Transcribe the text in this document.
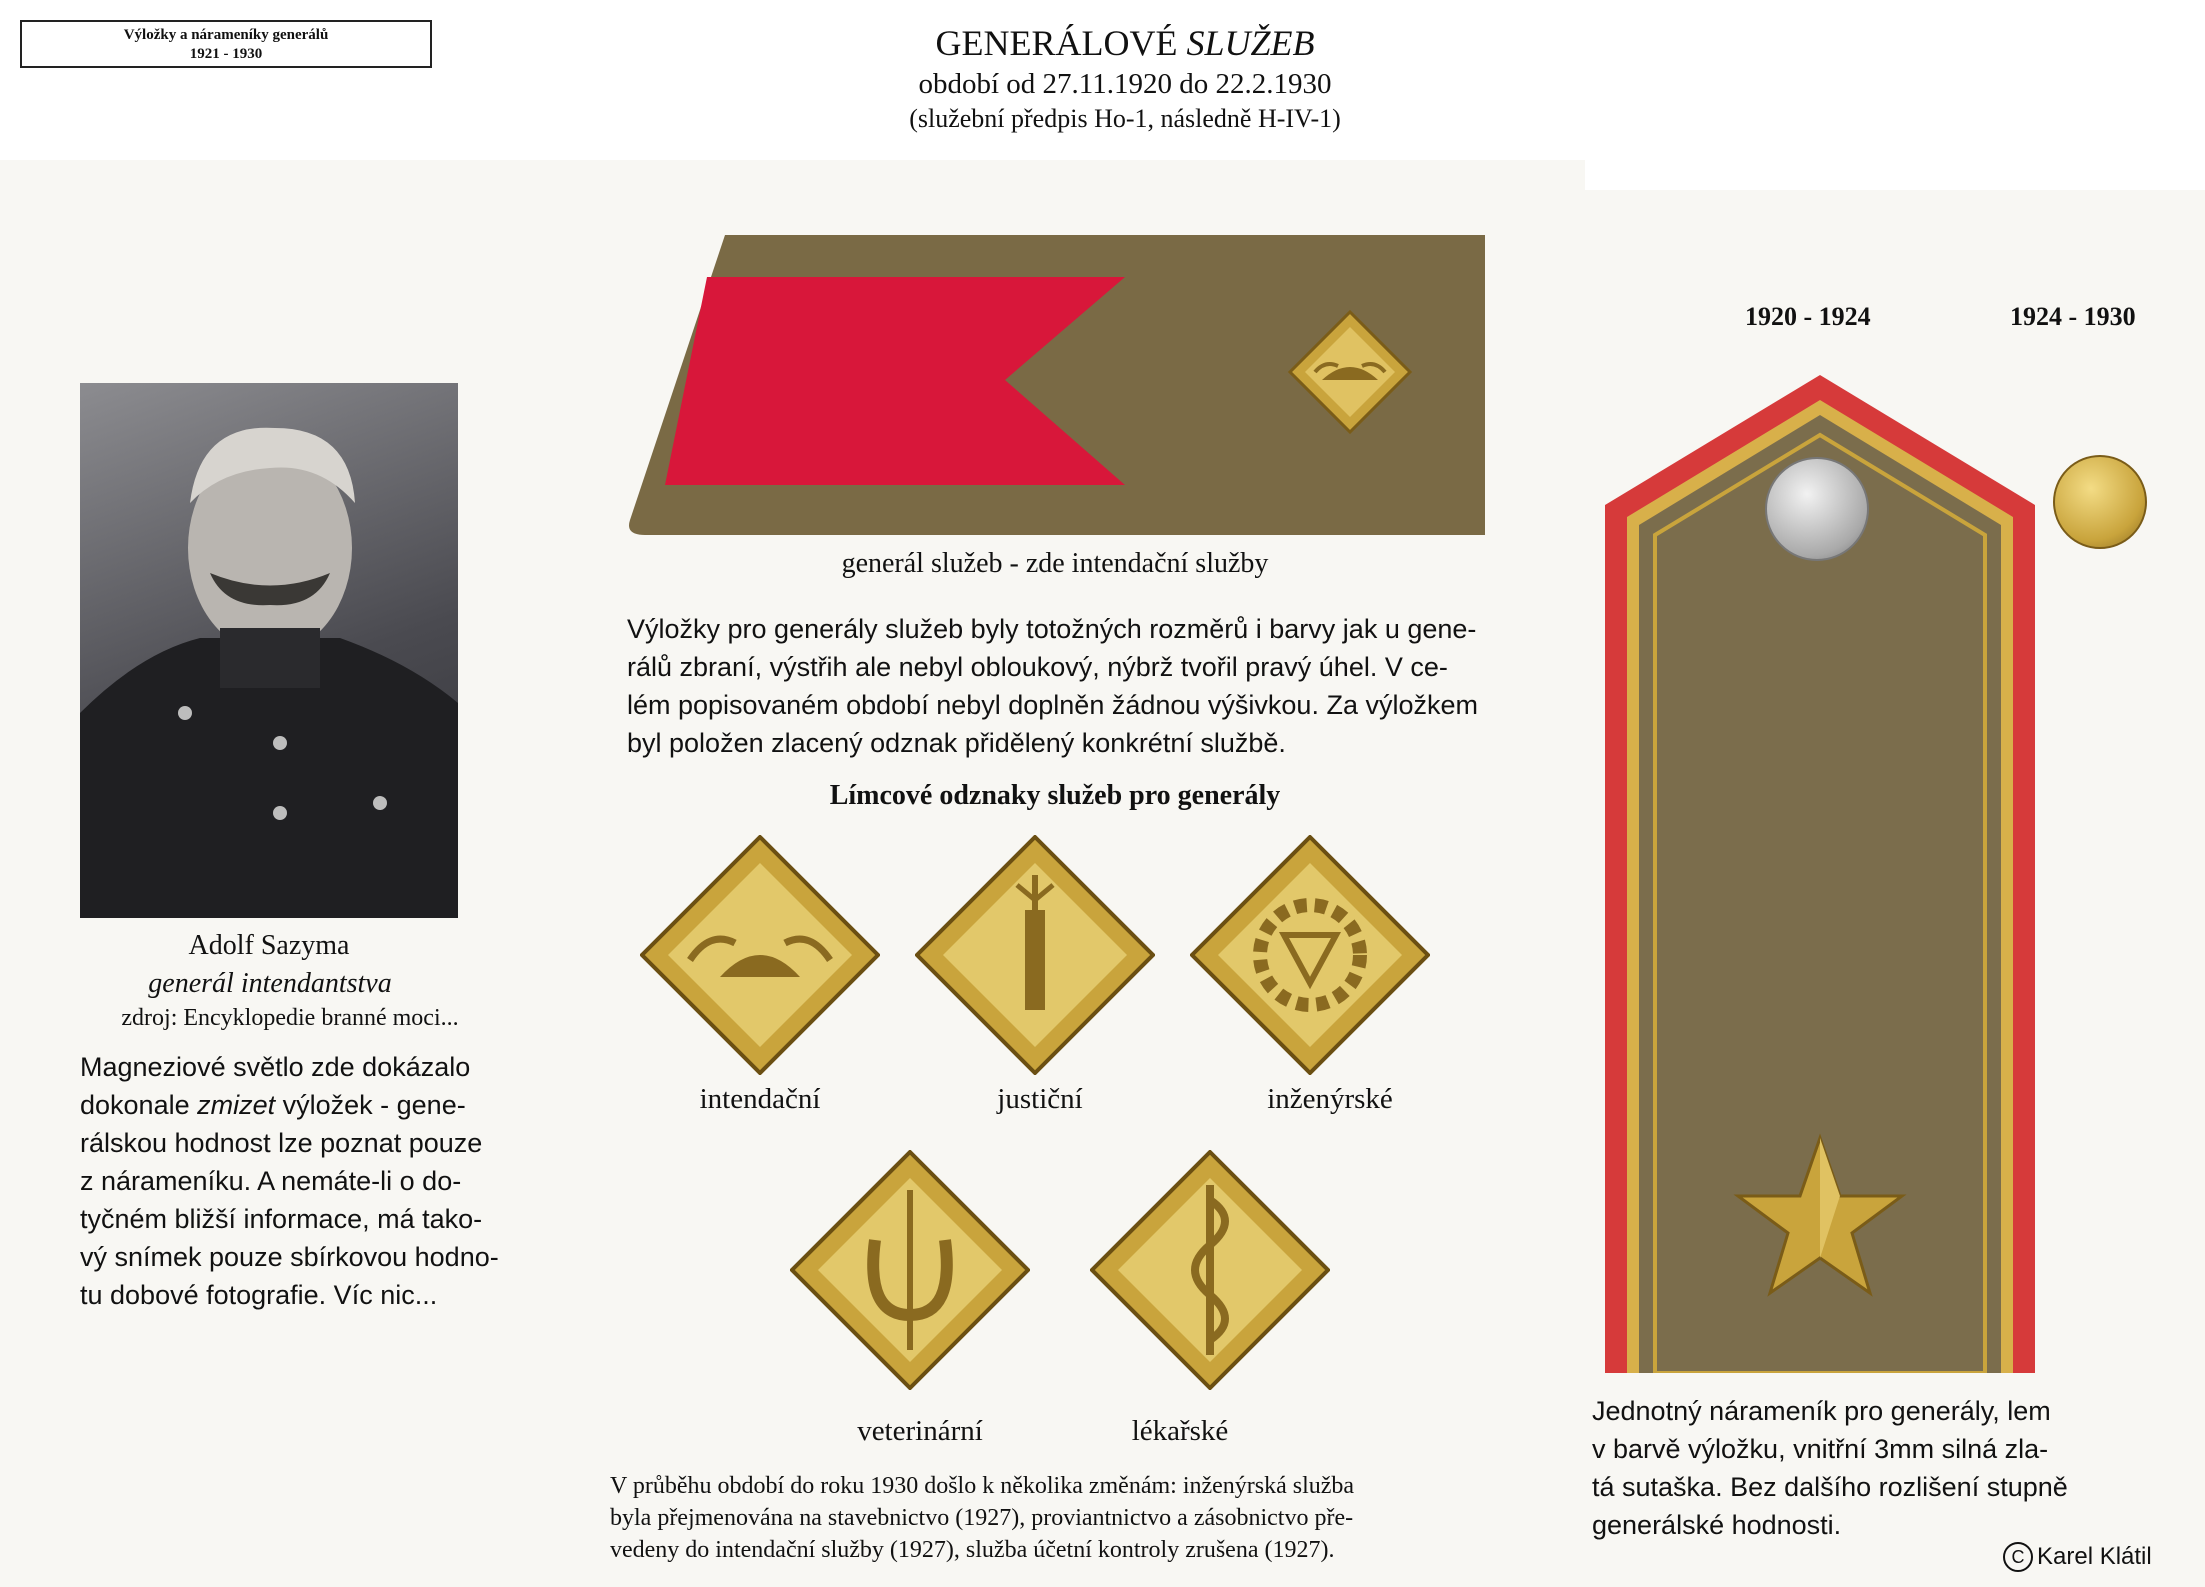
Výložky a nárameníky generálů
1921 - 1930	GENERÁLOVÉ SLUŽEB
období od 27.11.1920 do 22.2.1930
(služební předpis Ho-1, následně H-IV-1)
Adolf Sazyma
generál intendantstva
zdroj: Encyklopedie branné moci...
Magneziové světlo zde dokázalo
dokonale zmizet výložek - gene-
rálskou hodnost lze poznat pouze
z nárameníku. A nemáte-li o do-
tyčném bližší informace, má tako-
vý snímek pouze sbírkovou hodno-
tu dobové fotografie. Víc nic...
generál služeb - zde intendační služby
Výložky pro generály služeb byly totožných rozměrů i barvy jak u gene-
rálů zbraní, výstřih ale nebyl obloukový, nýbrž tvořil pravý úhel. V ce-
lém popisovaném období nebyl doplněn žádnou výšivkou. Za výložkem
byl položen zlacený odznak přidělený konkrétní službě.
Límcové odznaky služeb pro generály
intendační	justiční	inženýrské
veterinární	lékařské
V průběhu období do roku 1930 došlo k několika změnám: inženýrská služba
byla přejmenována na stavebnictvo (1927), proviantnictvo a zásobnictvo pře-
vedeny do intendační služby (1927), služba účetní kontroly zrušena (1927).
1920 - 1924	1924 - 1930
Jednotný nárameník pro generály, lem
v barvě výložku, vnitřní 3mm silná zla-
tá sutaška. Bez dalšího rozlišení stupně
generálské hodnosti.
C Karel Klátil
